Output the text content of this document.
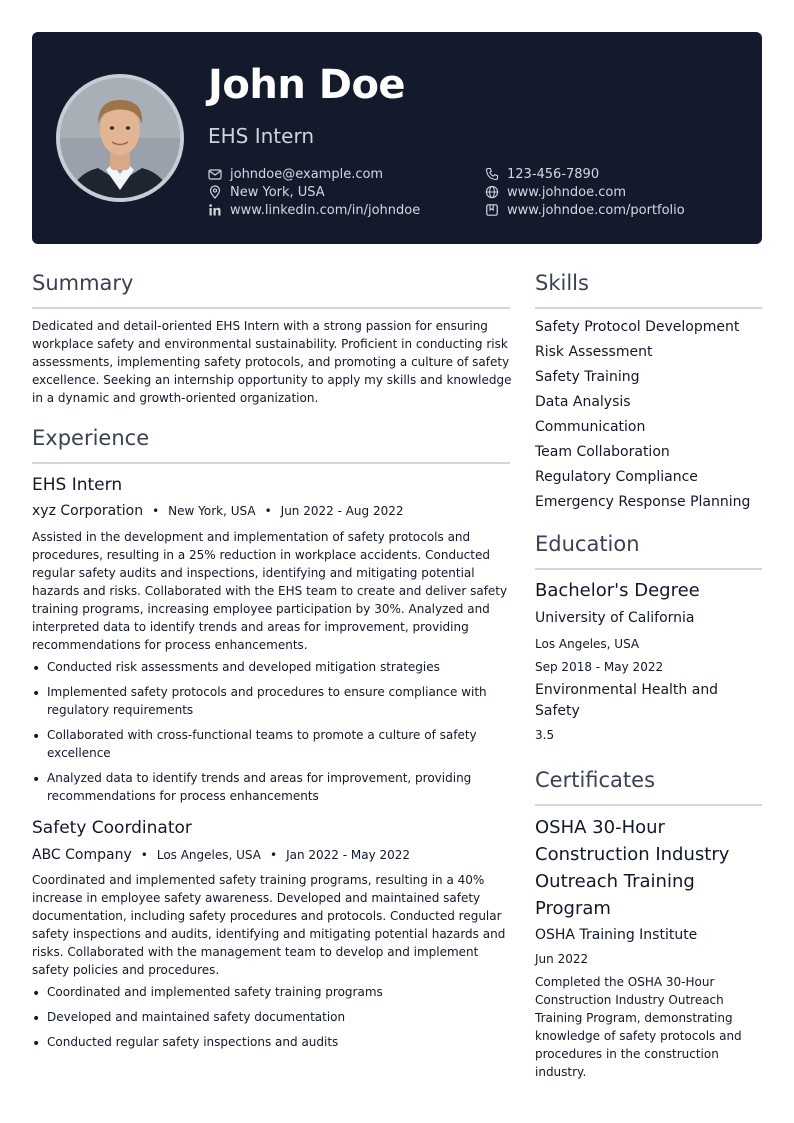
John Doe
EHS Intern
johndoe@example.com	123-456-7890
New York, USA	www.johndoe.com
www.linkedin.com/in/johndoe	www.johndoe.com/portfolio
Summary
Dedicated and detail-oriented EHS Intern with a strong passion for ensuring workplace safety and environmental sustainability. Proficient in conducting risk assessments, implementing safety protocols, and promoting a culture of safety excellence. Seeking an internship opportunity to apply my skills and knowledge in a dynamic and growth-oriented organization.
Experience
EHS Intern
xyz Corporation • New York, USA • Jun 2022 - Aug 2022
Assisted in the development and implementation of safety protocols and procedures, resulting in a 25% reduction in workplace accidents. Conducted regular safety audits and inspections, identifying and mitigating potential hazards and risks. Collaborated with the EHS team to create and deliver safety training programs, increasing employee participation by 30%. Analyzed and interpreted data to identify trends and areas for improvement, providing recommendations for process enhancements.
• Conducted risk assessments and developed mitigation strategies
• Implemented safety protocols and procedures to ensure compliance with regulatory requirements
• Collaborated with cross-functional teams to promote a culture of safety excellence
• Analyzed data to identify trends and areas for improvement, providing recommendations for process enhancements
Safety Coordinator
ABC Company • Los Angeles, USA • Jan 2022 - May 2022
Coordinated and implemented safety training programs, resulting in a 40% increase in employee safety awareness. Developed and maintained safety documentation, including safety procedures and protocols. Conducted regular safety inspections and audits, identifying and mitigating potential hazards and risks. Collaborated with the management team to develop and implement safety policies and procedures.
• Coordinated and implemented safety training programs
• Developed and maintained safety documentation
• Conducted regular safety inspections and audits
Skills
Safety Protocol Development
Risk Assessment
Safety Training
Data Analysis
Communication
Team Collaboration
Regulatory Compliance
Emergency Response Planning
Education
Bachelor's Degree
University of California
Los Angeles, USA
Sep 2018 - May 2022
Environmental Health and Safety
3.5
Certificates
OSHA 30-Hour Construction Industry Outreach Training Program
OSHA Training Institute
Jun 2022
Completed the OSHA 30-Hour Construction Industry Outreach Training Program, demonstrating knowledge of safety protocols and procedures in the construction industry.
